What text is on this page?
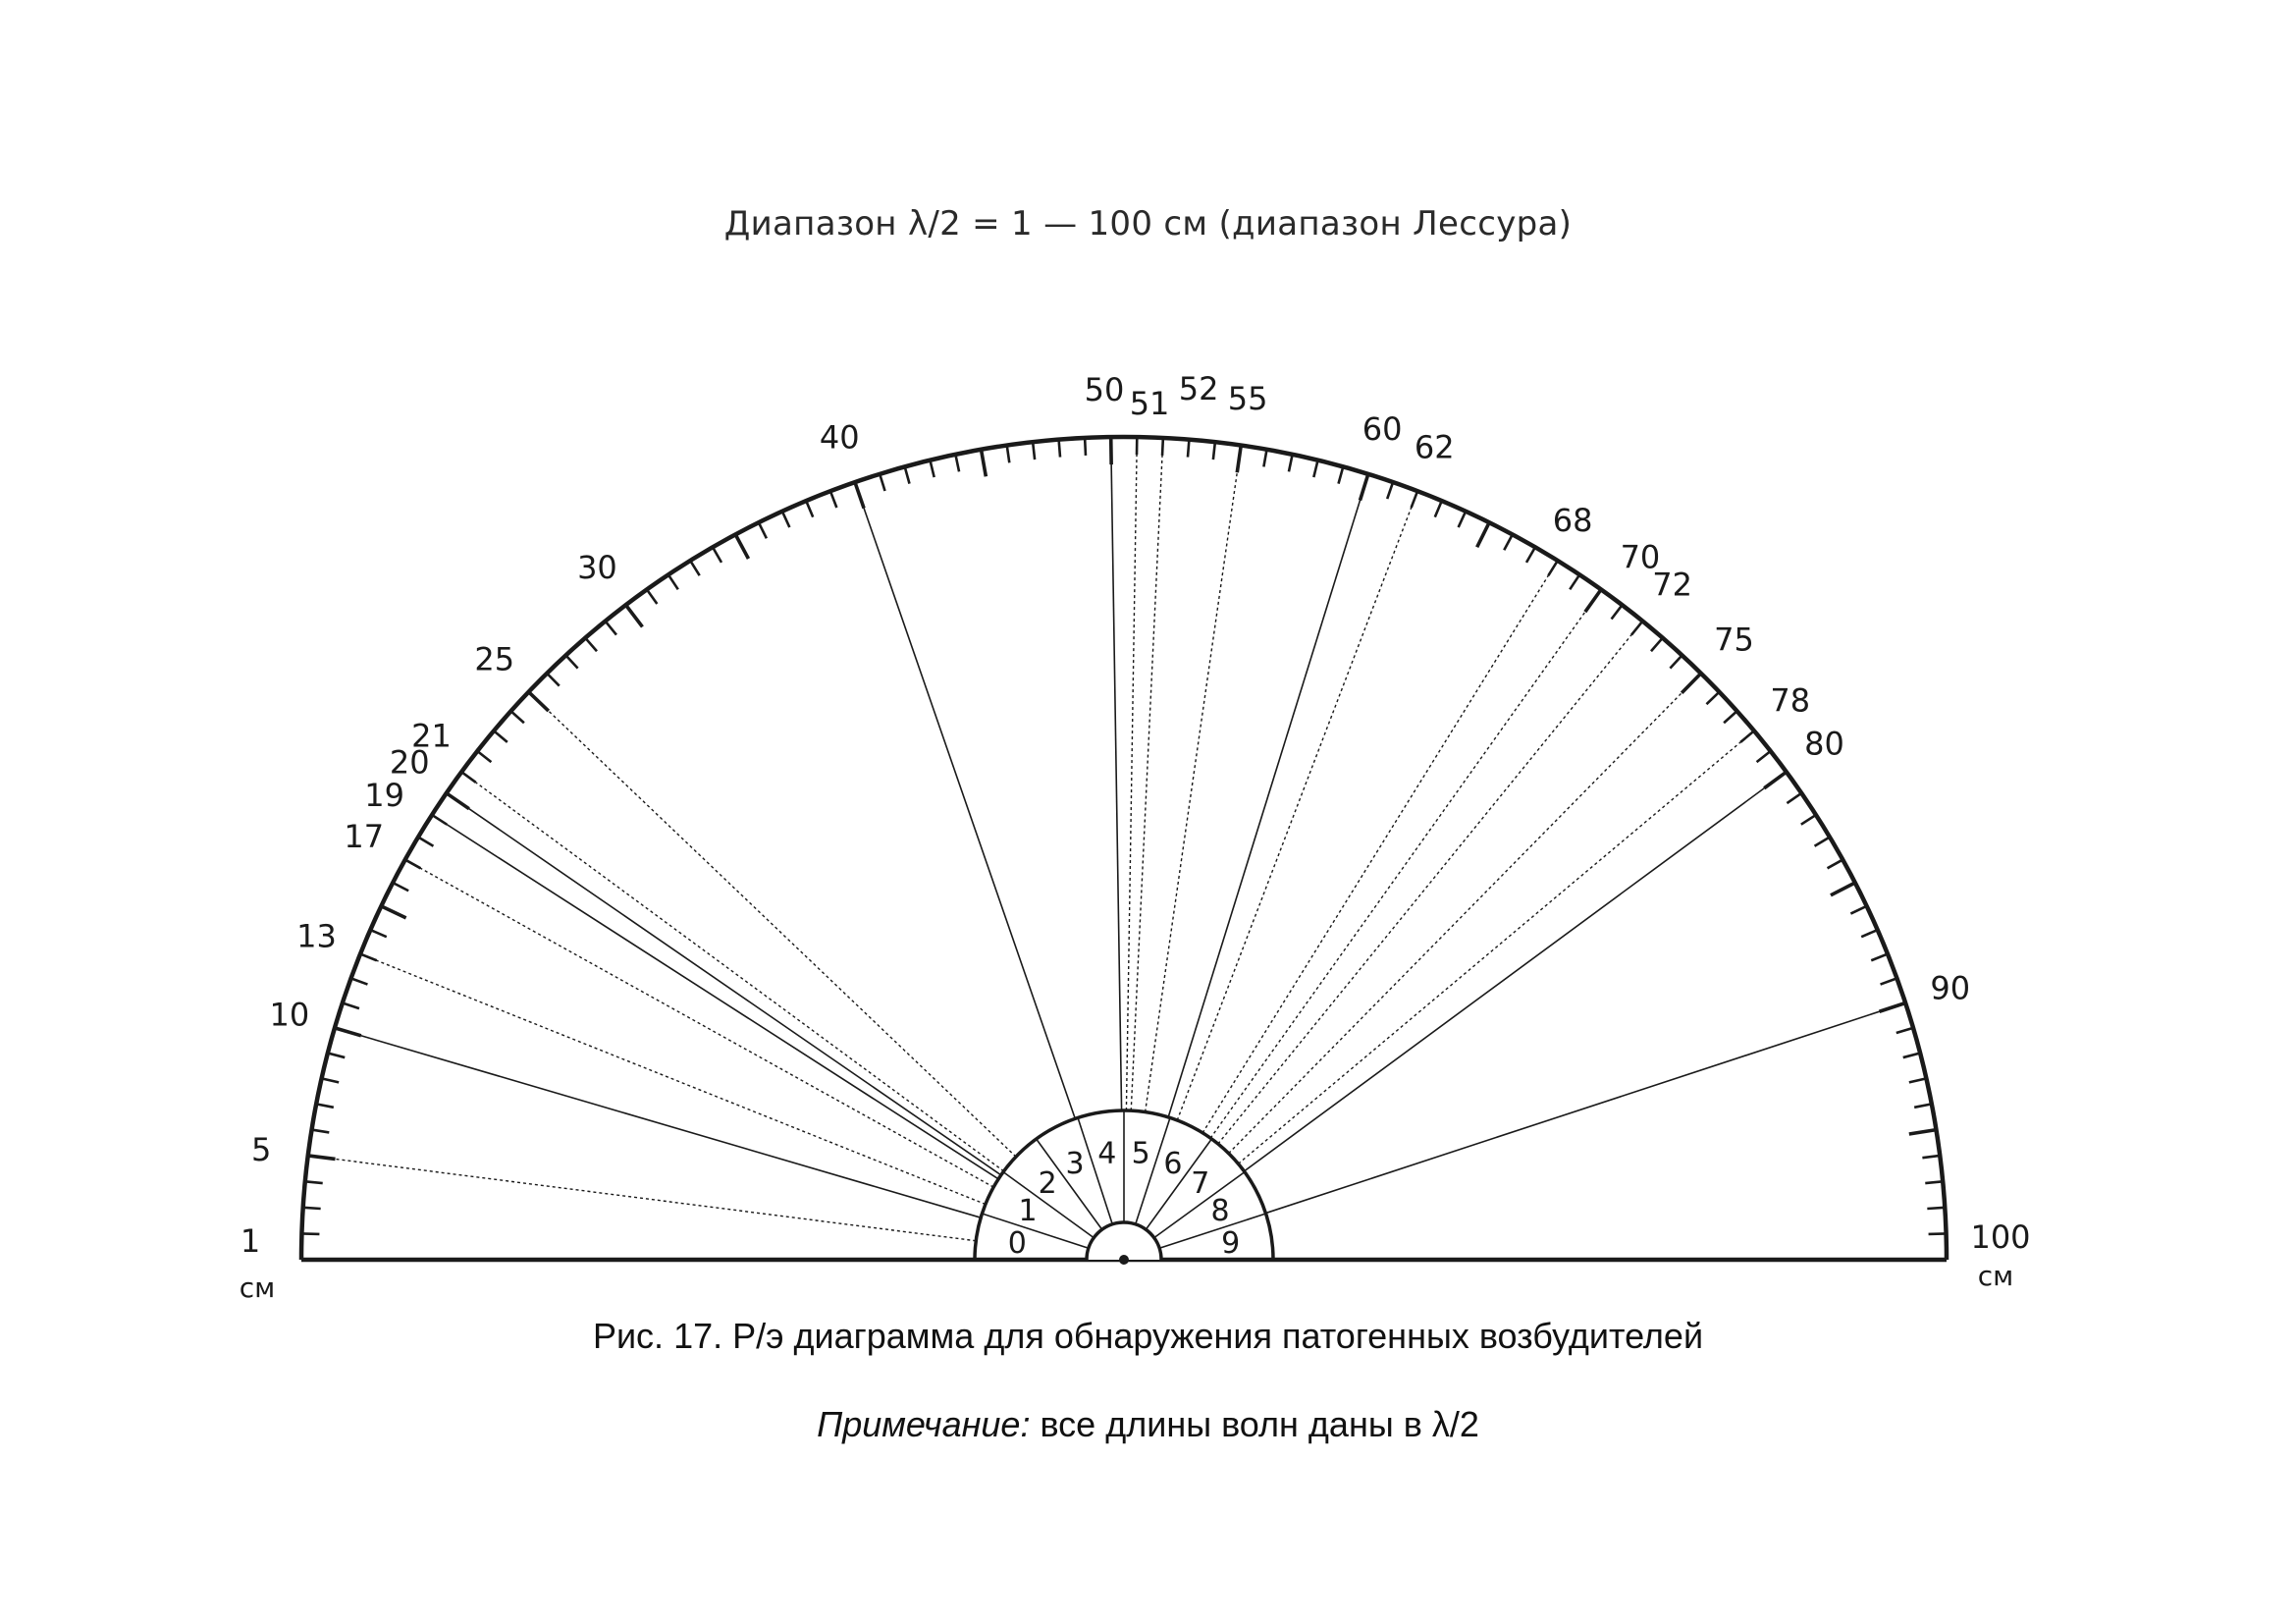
Диапазон λ/2 = 1 — 100 см (диапазон Лессура)
5
10
13
17
19
20
21
25
30
40
50 51 52 55
60 62
68
70
72
75
78
80
90
1	100
см	см
0
1
2
3 4 5 6
7
8
9
Рис. 17. Р/э диаграмма для обнаружения патогенных возбудителей
Примечание: все длины волн даны в λ/2
